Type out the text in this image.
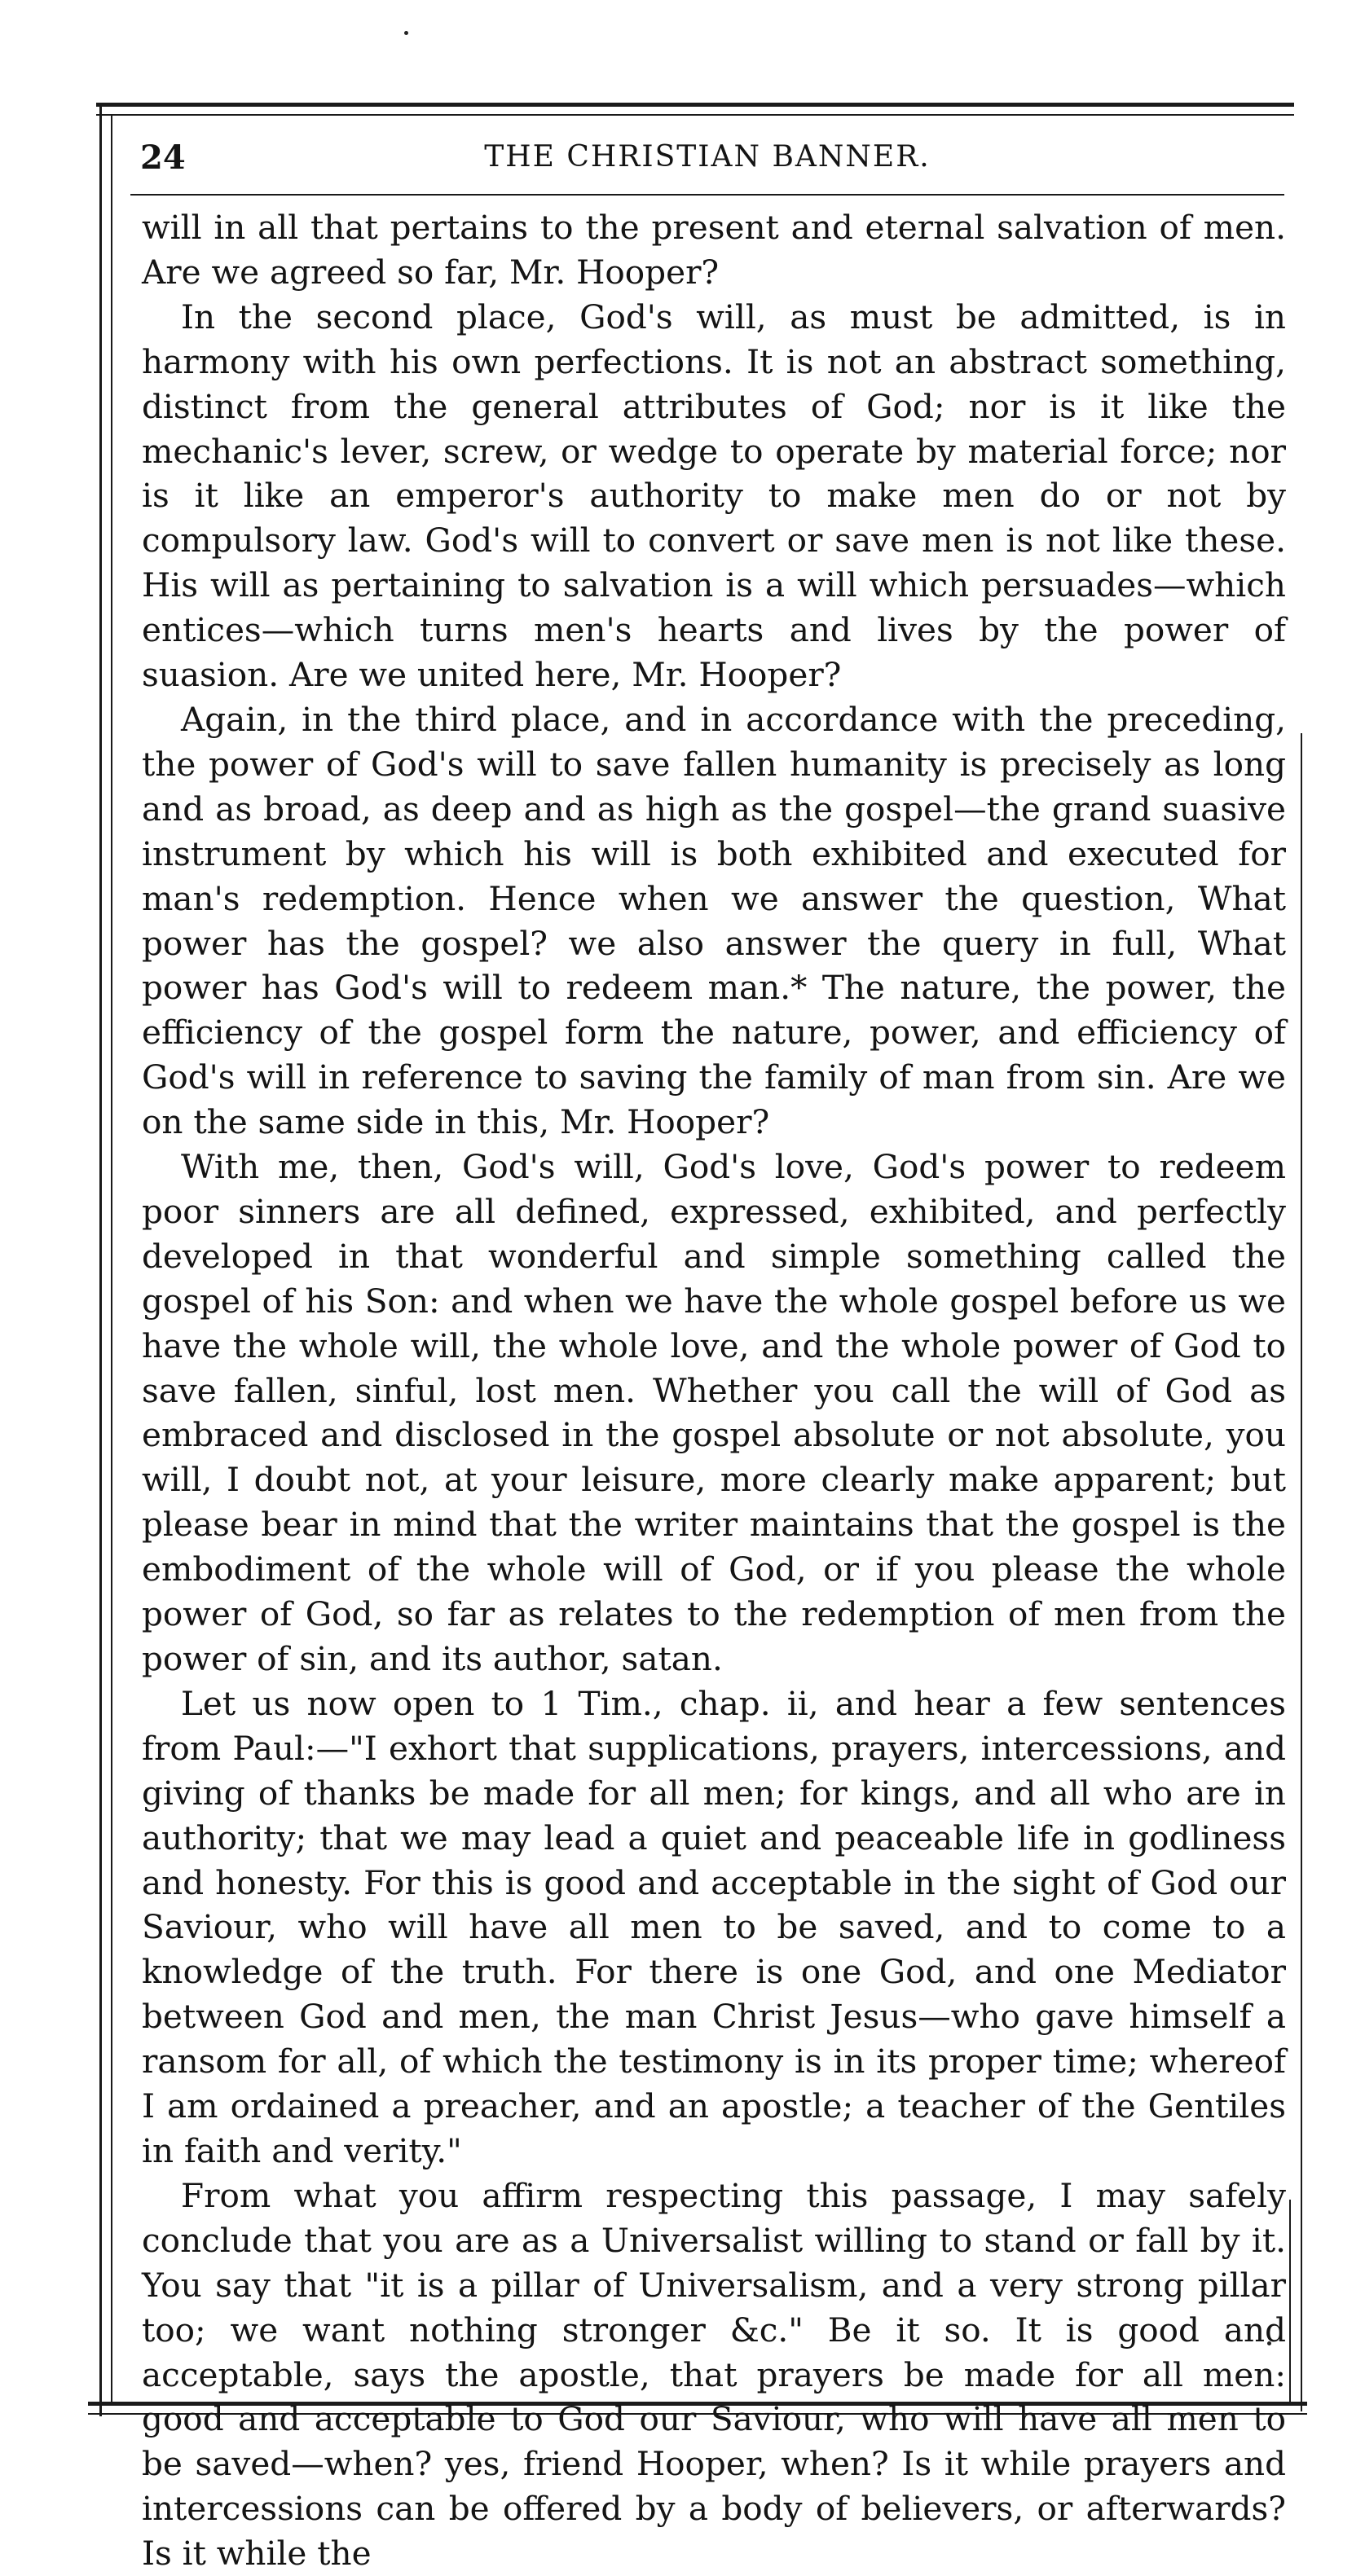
24	THE CHRISTIAN BANNER.

will in all that pertains to the present and eternal salvation of men. Are we agreed so far, Mr. Hooper?

In the second place, God's will, as must be admitted, is in harmony with his own perfections. It is not an abstract something, distinct from the general attributes of God; nor is it like the mechanic's lever, screw, or wedge to operate by material force; nor is it like an emperor's authority to make men do or not by compulsory law. God's will to convert or save men is not like these. His will as pertaining to salvation is a will which persuades—which entices—which turns men's hearts and lives by the power of suasion. Are we united here, Mr. Hooper?

Again, in the third place, and in accordance with the preceding, the power of God's will to save fallen humanity is precisely as long and as broad, as deep and as high as the gospel—the grand suasive instrument by which his will is both exhibited and executed for man's redemption. Hence when we answer the question, What power has the gospel? we also answer the query in full, What power has God's will to redeem man.* The nature, the power, the efficiency of the gospel form the nature, power, and efficiency of God's will in reference to saving the family of man from sin. Are we on the same side in this, Mr. Hooper?

With me, then, God's will, God's love, God's power to redeem poor sinners are all defined, expressed, exhibited, and perfectly developed in that wonderful and simple something called the gospel of his Son: and when we have the whole gospel before us we have the whole will, the whole love, and the whole power of God to save fallen, sinful, lost men. Whether you call the will of God as embraced and disclosed in the gospel absolute or not absolute, you will, I doubt not, at your leisure, more clearly make apparent; but please bear in mind that the writer maintains that the gospel is the embodiment of the whole will of God, or if you please the whole power of God, so far as relates to the redemption of men from the power of sin, and its author, satan.

Let us now open to 1 Tim., chap. ii, and hear a few sentences from Paul:—"I exhort that supplications, prayers, intercessions, and giving of thanks be made for all men; for kings, and all who are in authority; that we may lead a quiet and peaceable life in godliness and honesty. For this is good and acceptable in the sight of God our Saviour, who will have all men to be saved, and to come to a knowledge of the truth. For there is one God, and one Mediator between God and men, the man Christ Jesus—who gave himself a ransom for all, of which the testimony is in its proper time; whereof I am ordained a preacher, and an apostle; a teacher of the Gentiles in faith and verity."

From what you affirm respecting this passage, I may safely conclude that you are as a Universalist willing to stand or fall by it. You say that "it is a pillar of Universalism, and a very strong pillar too; we want nothing stronger &c." Be it so. It is good and acceptable, says the apostle, that prayers be made for all men: good and acceptable to God our Saviour, who will have all men to be saved—when? yes, friend Hooper, when? Is it while prayers and intercessions can be offered by a body of believers, or afterwards? Is it while the
